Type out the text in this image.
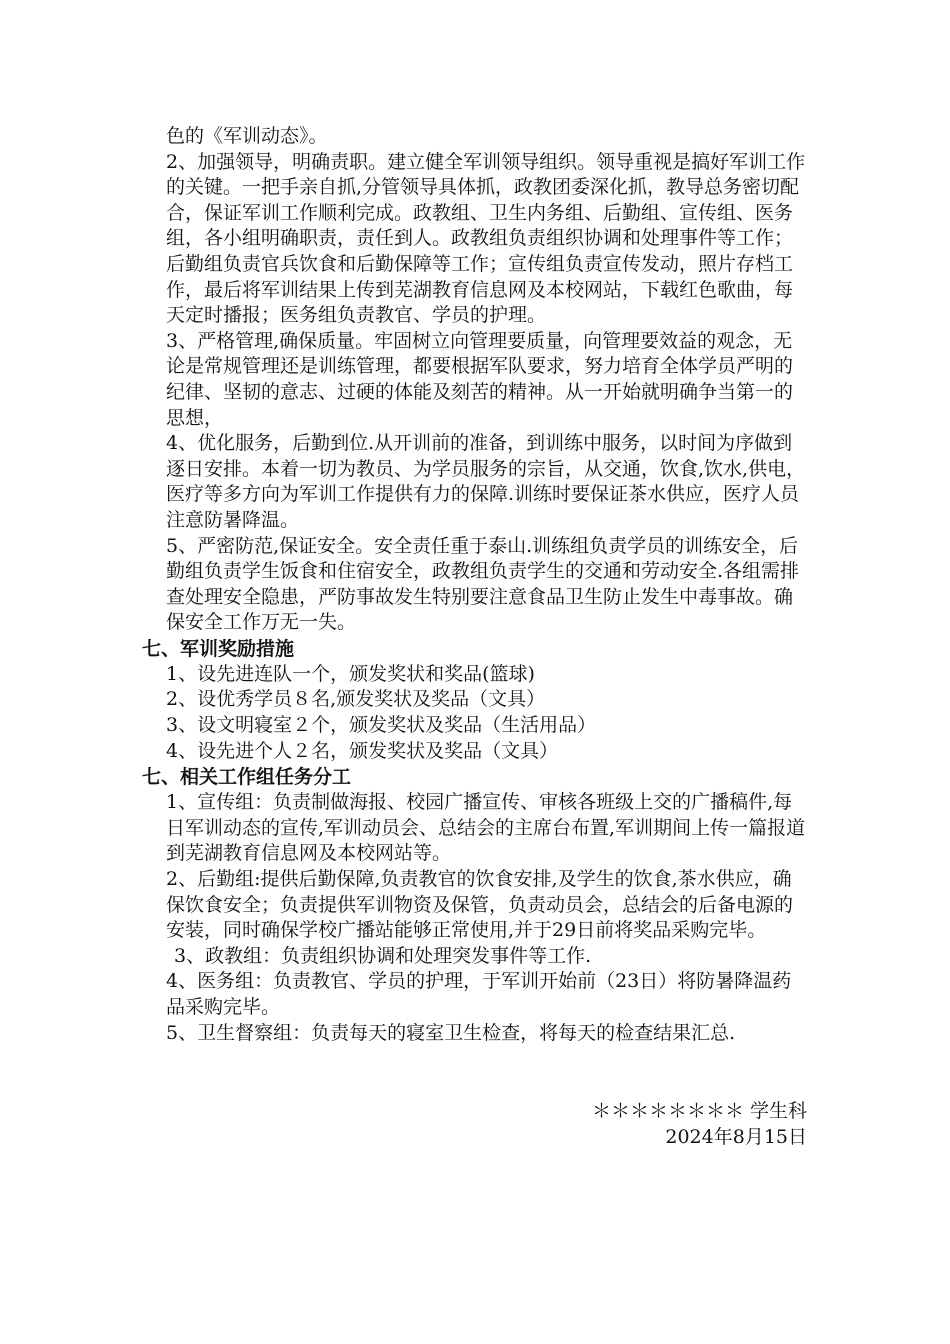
色的《军训动态》。

2、加强领导，明确责职。建立健全军训领导组织。领导重视是搞好军训工作的关键。一把手亲自抓,分管领导具体抓，政教团委深化抓，教导总务密切配合，保证军训工作顺利完成。政教组、卫生内务组、后勤组、宣传组、医务组，各小组明确职责，责任到人。政教组负责组织协调和处理事件等工作；后勤组负责官兵饮食和后勤保障等工作；宣传组负责宣传发动，照片存档工作，最后将军训结果上传到芜湖教育信息网及本校网站，下载红色歌曲，每天定时播报；医务组负责教官、学员的护理。

3、严格管理,确保质量。牢固树立向管理要质量，向管理要效益的观念，无论是常规管理还是训练管理，都要根据军队要求，努力培育全体学员严明的纪律、坚韧的意志、过硬的体能及刻苦的精神。从一开始就明确争当第一的思想，

4、优化服务，后勤到位.从开训前的准备，到训练中服务，以时间为序做到逐日安排。本着一切为教员、为学员服务的宗旨，从交通，饮食,饮水,供电，医疗等多方向为军训工作提供有力的保障.训练时要保证茶水供应，医疗人员注意防暑降温。

5、严密防范,保证安全。安全责任重于泰山.训练组负责学员的训练安全，后勤组负责学生饭食和住宿安全，政教组负责学生的交通和劳动安全.各组需排查处理安全隐患，严防事故发生特别要注意食品卫生防止发生中毒事故。确保安全工作万无一失。

七、军训奖励措施

1、设先进连队一个，颁发奖状和奖品(篮球)

2、设优秀学员８名,颁发奖状及奖品（文具）

3、设文明寝室２个，颁发奖状及奖品（生活用品）

4、设先进个人２名，颁发奖状及奖品（文具）

七、相关工作组任务分工

1、宣传组：负责制做海报、校园广播宣传、审核各班级上交的广播稿件,每日军训动态的宣传,军训动员会、总结会的主席台布置,军训期间上传一篇报道到芜湖教育信息网及本校网站等。

2、后勤组:提供后勤保障,负责教官的饮食安排,及学生的饮食,茶水供应，确保饮食安全；负责提供军训物资及保管，负责动员会，总结会的后备电源的安装，同时确保学校广播站能够正常使用,并于29日前将奖品采购完毕。

3、政教组：负责组织协调和处理突发事件等工作.

4、医务组：负责教官、学员的护理，于军训开始前（23日）将防暑降温药品采购完毕。

5、卫生督察组：负责每天的寝室卫生检查，将每天的检查结果汇总.

＊＊＊＊＊＊＊＊ 学生科
2024年8月15日
